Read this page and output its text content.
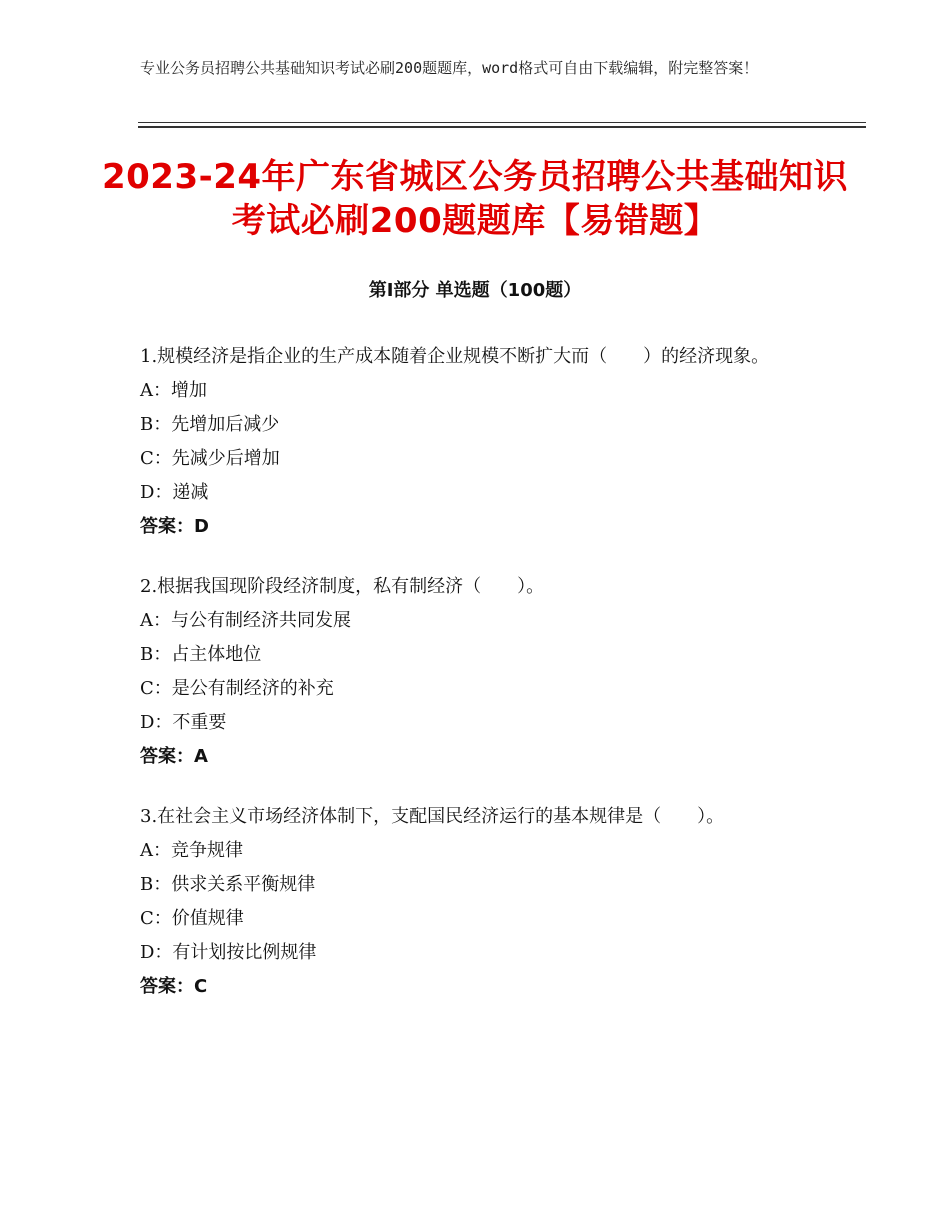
专业公务员招聘公共基础知识考试必刷200题题库，word格式可自由下载编辑，附完整答案！
2023-24年广东省城区公务员招聘公共基础知识考试必刷200题题库【易错题】
第Ⅰ部分 单选题（100题）
1.规模经济是指企业的生产成本随着企业规模不断扩大而（　　）的经济现象。
A：增加
B：先增加后减少
C：先减少后增加
D：递减
答案：D
2.根据我国现阶段经济制度，私有制经济（　　）。
A：与公有制经济共同发展
B：占主体地位
C：是公有制经济的补充
D：不重要
答案：A
3.在社会主义市场经济体制下，支配国民经济运行的基本规律是（　　）。
A：竞争规律
B：供求关系平衡规律
C：价值规律
D：有计划按比例规律
答案：C
